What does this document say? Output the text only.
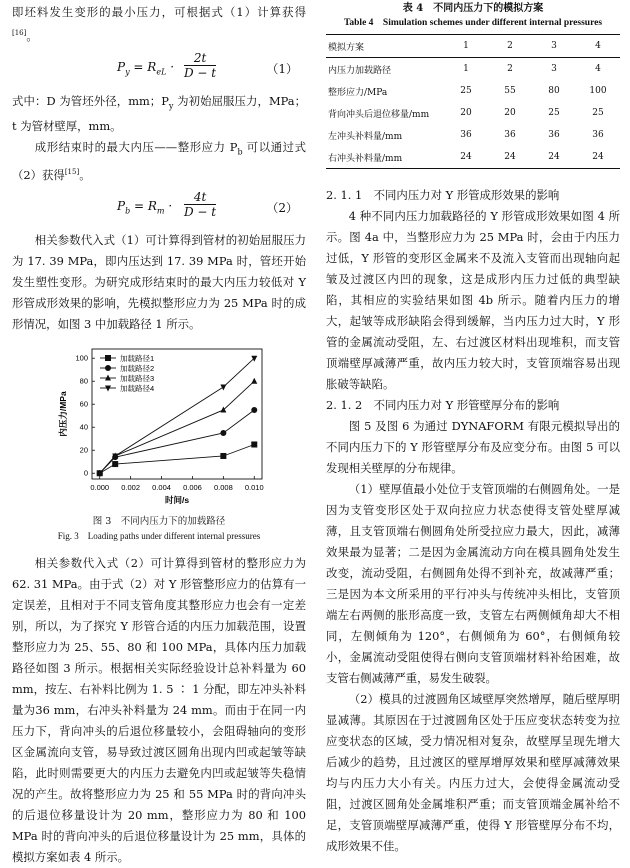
即坯料发生变形的最小压力，可根据式（1）计算获得[16]。

$P_y = R_{eL} \cdot \frac{2t}{D - t}$	（1）

式中：D 为管坯外径，mm；$P_y$ 为初始屈服压力，MPa；t 为管材壁厚，mm。

成形结束时的最大内压——整形应力 $P_b$ 可以通过式（2）获得[15]。

$P_b = R_m \cdot \frac{4t}{D - t}$	（2）

相关参数代入式（1）可计算得到管材的初始屈服压力为 17. 39 MPa，即内压达到 17. 39 MPa 时，管坯开始发生塑性变形。为研究成形结束时的最大内压力较低对 Y 形管成形效果的影响，先模拟整形应力为 25 MPa 时的成形情况，如图 3 中加载路径 1 所示。

0.000 0.002 0.004 0.006 0.008 0.010
0
20
40
60
80
100
时间/s
内压力/MPa
加载路径1
加载路径2
加载路径3
加载路径4

图 3　不同内压力下的加载路径

Fig. 3　Loading paths under different internal pressures

相关参数代入式（2）可计算得到管材的整形应力为 62. 31 MPa。由于式（2）对 Y 形管整形应力的估算有一定误差，且相对于不同支管角度其整形应力也会有一定差别，所以，为了探究 Y 形管合适的内压力加载范围，设置整形应力为 25、55、80 和 100 MPa，具体内压力加载路径如图 3 所示。根据相关实际经验设计总补料量为 60 mm，按左、右补料比例为 1. 5 ∶ 1 分配，即左冲头补料量为36 mm，右冲头补料量为 24 mm。而由于在同一内压力下，背向冲头的后退位移量较小，会阻碍轴向的变形区金属流向支管，易导致过渡区圆角出现内凹或起皱等缺陷，此时则需要更大的内压力去避免内凹或起皱等失稳情况的产生。故将整形应力为 25 和 55 MPa 时的背向冲头的后退位移量设计为 20 mm，整形应力为 80 和 100 MPa 时的背向冲头的后退位移量设计为 25 mm，具体的模拟方案如表 4 所示。

表 4　不同内压力下的模拟方案

Table 4　Simulation schemes under different internal pressures

模拟方案	1	2	3	4
内压力加载路径	1	2	3	4
整形应力/MPa	25	55	80	100
背向冲头后退位移量/mm	20	20	25	25
左冲头补料量/mm	36	36	36	36
右冲头补料量/mm	24	24	24	24

2. 1. 1　不同内压力对 Y 形管成形效果的影响

4 种不同内压力加载路径的 Y 形管成形效果如图 4 所示。图 4a 中，当整形应力为 25 MPa 时，会由于内压力过低，Y 形管的变形区金属来不及流入支管而出现轴向起皱及过渡区内凹的现象，这是成形内压力过低的典型缺陷，其相应的实验结果如图 4b 所示。随着内压力的增大，起皱等成形缺陷会得到缓解，当内压力过大时，Y 形管的金属流动受阻，左、右过渡区材料出现堆积，而支管顶端壁厚减薄严重，故内压力较大时，支管顶端容易出现胀破等缺陷。

2. 1. 2　不同内压力对 Y 形管壁厚分布的影响

图 5 及图 6 为通过 DYNAFORM 有限元模拟导出的不同内压力下的 Y 形管壁厚分布及应变分布。由图 5 可以发现相关壁厚的分布规律。

（1）壁厚值最小处位于支管顶端的右侧圆角处。一是因为支管变形区处于双向拉应力状态使得支管处壁厚减薄，且支管顶端右侧圆角处所受拉应力最大，因此，减薄效果最为显著；二是因为金属流动方向在模具圆角处发生改变，流动受阻，右侧圆角处得不到补充，故减薄严重；三是因为本文所采用的平行冲头与传统冲头相比，支管顶端左右两侧的胀形高度一致，支管左右两侧倾角却大不相同，左侧倾角为 120°，右侧倾角为 60°，右侧倾角较小，金属流动受阻使得右侧向支管顶端材料补给困难，故支管右侧减薄严重，易发生破裂。

（2）模具的过渡圆角区域壁厚突然增厚，随后壁厚明显减薄。其原因在于过渡圆角区处于压应变状态转变为拉应变状态的区域，受力情况相对复杂，故壁厚呈现先增大后减少的趋势，且过渡区的壁厚增厚效果和壁厚减薄效果均与内压力大小有关。内压力过大，会使得金属流动受阻，过渡区圆角处金属堆积严重；而支管顶端金属补给不足，支管顶端壁厚减薄严重，使得 Y 形管壁厚分布不均，成形效果不佳。
